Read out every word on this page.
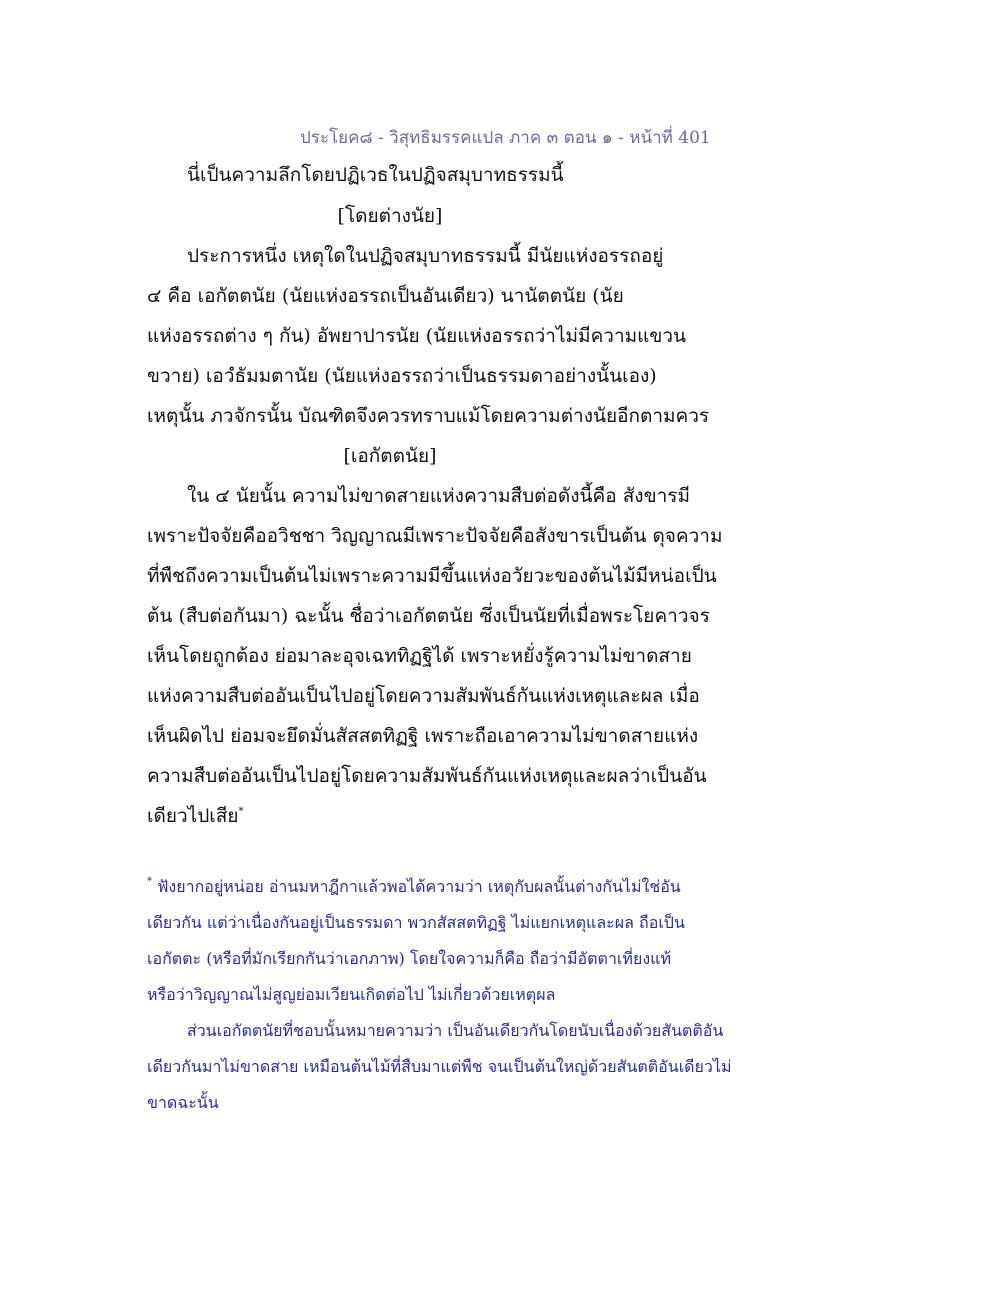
ประโยค๘ - วิสุทธิมรรคแปล ภาค ๓ ตอน ๑ - หน้าที่ 401

นี่เป็นความลึกโดยปฏิเวธในปฏิจสมุบาทธรรมนี้

[โดยต่างนัย]

ประการหนึ่ง เหตุใดในปฏิจสมุบาทธรรมนี้ มีนัยแห่งอรรถอยู่

๔ คือ เอกัตตนัย (นัยแห่งอรรถเป็นอันเดียว) นานัตตนัย (นัย

แห่งอรรถต่าง ๆ กัน) อัพยาปารนัย (นัยแห่งอรรถว่าไม่มีความแขวน

ขวาย) เอวํธัมมตานัย (นัยแห่งอรรถว่าเป็นธรรมดาอย่างนั้นเอง)

เหตุนั้น ภวจักรนั้น บัณฑิตจึงควรทราบแม้โดยความต่างนัยอีกตามควร

[เอกัตตนัย]

ใน ๔ นัยนั้น ความไม่ขาดสายแห่งความสืบต่อดังนี้คือ สังขารมี

เพราะปัจจัยคืออวิชชา วิญญาณมีเพราะปัจจัยคือสังขารเป็นต้น ดุจความ

ที่พืชถึงความเป็นต้นไม่เพราะความมีขึ้นแห่งอวัยวะของต้นไม้มีหน่อเป็น

ต้น (สืบต่อกันมา) ฉะนั้น ชื่อว่าเอกัตตนัย ซึ่งเป็นนัยที่เมื่อพระโยคาวจร

เห็นโดยถูกต้อง ย่อมาละอุจเฉททิฏฐิได้ เพราะหยั่งรู้ความไม่ขาดสาย

แห่งความสืบต่ออันเป็นไปอยู่โดยความสัมพันธ์กันแห่งเหตุและผล เมื่อ

เห็นผิดไป ย่อมจะยึดมั่นสัสสตทิฏฐิ เพราะถือเอาความไม่ขาดสายแห่ง

ความสืบต่ออันเป็นไปอยู่โดยความสัมพันธ์กันแห่งเหตุและผลว่าเป็นอัน

เดียวไปเสีย*

* ฟังยากอยู่หน่อย อ่านมหาฎีกาแล้วพอได้ความว่า เหตุกับผลนั้นต่างกันไม่ใช่อัน

เดียวกัน แต่ว่าเนื่องกันอยู่เป็นธรรมดา พวกสัสสตทิฏฐิ ไม่แยกเหตุและผล ถือเป็น

เอกัตตะ (หรือที่มักเรียกกันว่าเอกภาพ) โดยใจความก็คือ ถือว่ามีอัตตาเที่ยงแท้

หรือว่าวิญญาณไม่สูญย่อมเวียนเกิดต่อไป ไม่เกี่ยวด้วยเหตุผล

ส่วนเอกัตตนัยที่ชอบนั้นหมายความว่า เป็นอันเดียวกันโดยนับเนื่องด้วยสันตติอัน

เดียวกันมาไม่ขาดสาย เหมือนต้นไม้ที่สืบมาแต่พืช จนเป็นต้นใหญ่ด้วยสันตติอันเดียวไม่

ขาดฉะนั้น
